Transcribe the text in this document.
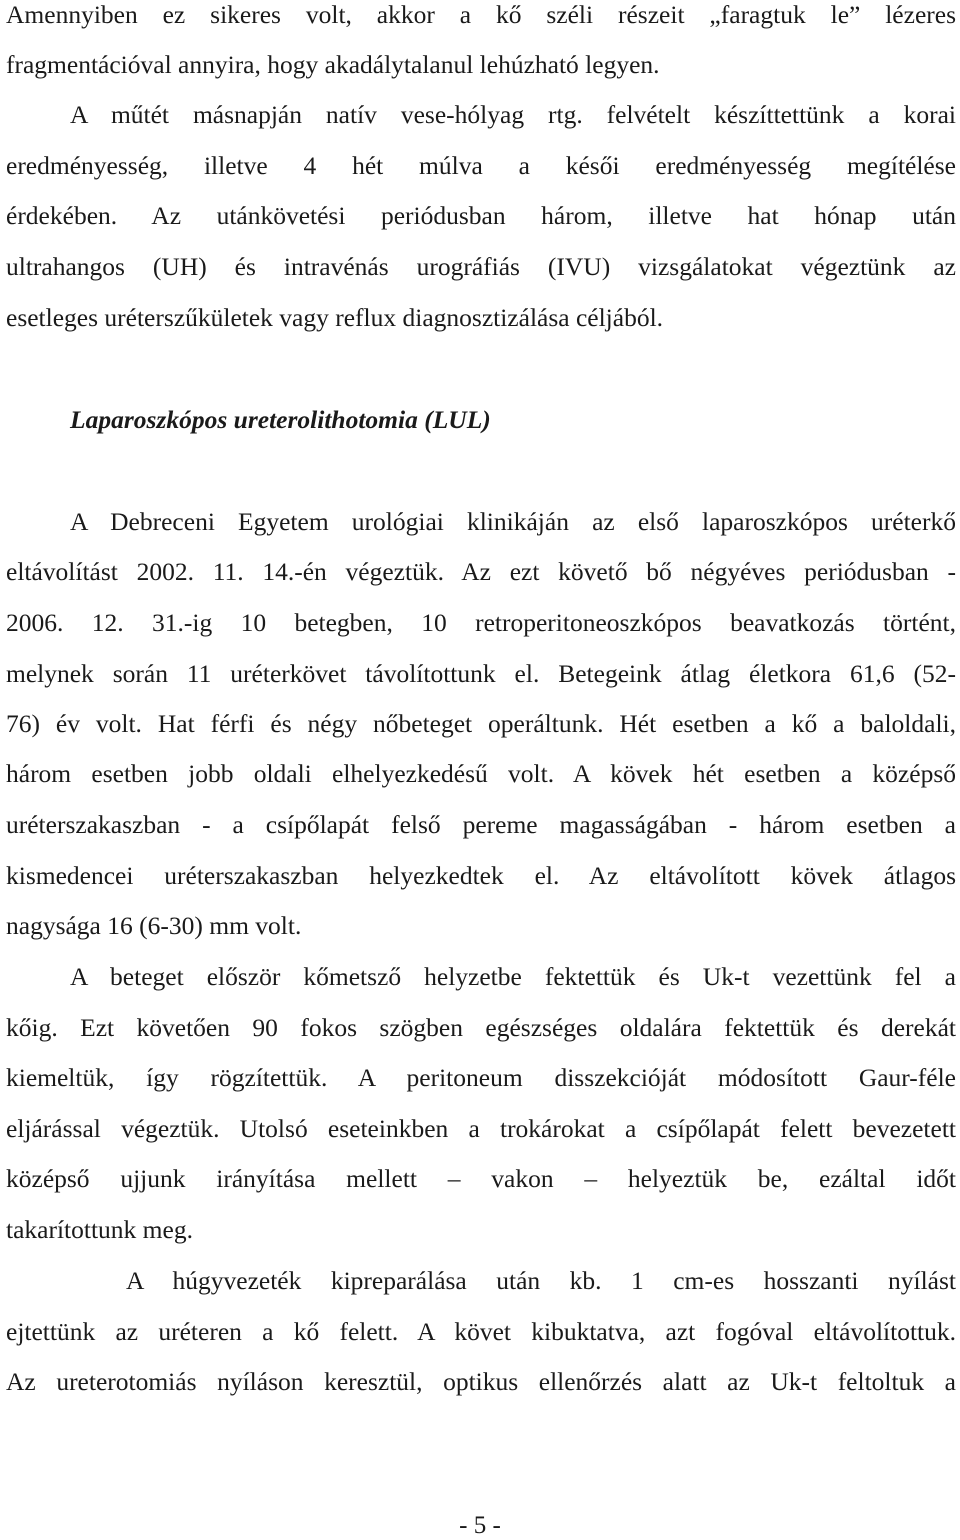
Amennyiben ez sikeres volt, akkor a kő széli részeit „faragtuk le” lézeres
fragmentációval annyira, hogy akadálytalanul lehúzható legyen.
A műtét másnapján natív vese-hólyag rtg. felvételt készíttettünk a korai
eredményesség, illetve 4 hét múlva a késői eredményesség megítélése
érdekében. Az utánkövetési periódusban három, illetve hat hónap után
ultrahangos (UH) és intravénás urográfiás (IVU) vizsgálatokat végeztünk az
esetleges uréterszűkületek vagy reflux diagnosztizálása céljából.
Laparoszkópos ureterolithotomia (LUL)
A Debreceni Egyetem urológiai klinikáján az első laparoszkópos uréterkő
eltávolítást 2002. 11. 14.-én végeztük. Az ezt követő bő négyéves periódusban -
2006. 12. 31.-ig 10 betegben, 10 retroperitoneoszkópos beavatkozás történt,
melynek során 11 uréterkövet távolítottunk el. Betegeink átlag életkora 61,6 (52-
76) év volt. Hat férfi és négy nőbeteget operáltunk. Hét esetben a kő a baloldali,
három esetben jobb oldali elhelyezkedésű volt. A kövek hét esetben a középső
uréterszakaszban - a csípőlapát felső pereme magasságában - három esetben a
kismedencei uréterszakaszban helyezkedtek el. Az eltávolított kövek átlagos
nagysága 16 (6-30) mm volt.
A beteget először kőmetsző helyzetbe fektettük és Uk-t vezettünk fel a
kőig. Ezt követően 90 fokos szögben egészséges oldalára fektettük és derekát
kiemeltük, így rögzítettük. A peritoneum disszekcióját módosított Gaur-féle
eljárással végeztük. Utolsó eseteinkben a trokárokat a csípőlapát felett bevezetett
középső ujjunk irányítása mellett – vakon – helyeztük be, ezáltal időt
takarítottunk meg.
A húgyvezeték kipreparálása után kb. 1 cm-es hosszanti nyílást
ejtettünk az uréteren a kő felett. A követ kibuktatva, azt fogóval eltávolítottuk.
Az ureterotomiás nyíláson keresztül, optikus ellenőrzés alatt az Uk-t feltoltuk a
- 5 -
